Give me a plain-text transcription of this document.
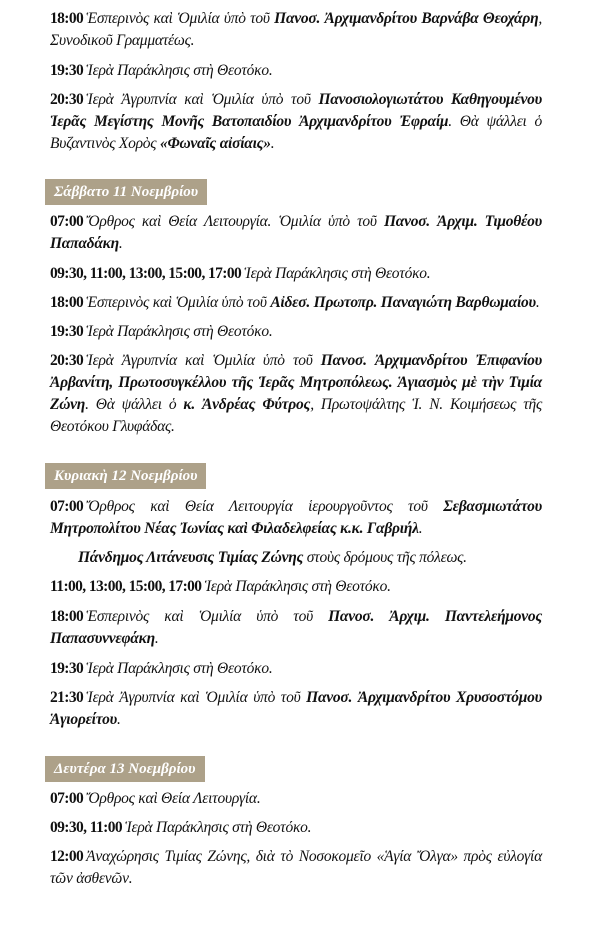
18:00 Ἑσπερινὸς καὶ Ὁμιλία ὑπὸ τοῦ Πανοσ. Ἀρχιμανδρίτου Βαρνάβα Θεοχάρη, Συνοδικοῦ Γραμματέως.
19:30 Ἱερὰ Παράκλησις στὴ Θεοτόκο.
20:30 Ἱερὰ Ἀγρυπνία καὶ Ὁμιλία ὑπὸ τοῦ Πανοσιολογιωτάτου Καθηγουμένου Ἱερᾶς Μεγίστης Μονῆς Βατοπαιδίου Ἀρχιμανδρίτου Ἐφραίμ. Θὰ ψάλλει ὁ Βυζαντινὸς Χορὸς «Φωναῖς αἰσίαις».
Σάββατο 11 Νοεμβρίου
07:00 Ὄρθρος καὶ Θεία Λειτουργία. Ὁμιλία ὑπὸ τοῦ Πανοσ. Ἀρχιμ. Τιμοθέου Παπαδάκη.
09:30, 11:00, 13:00, 15:00, 17:00 Ἱερὰ Παράκλησις στὴ Θεοτόκο.
18:00 Ἑσπερινὸς καὶ Ὁμιλία ὑπὸ τοῦ Αἰδεσ. Πρωτοπρ. Παναγιώτη Βαρθωμαίου.
19:30 Ἱερὰ Παράκλησις στὴ Θεοτόκο.
20:30 Ἱερὰ Ἀγρυπνία καὶ Ὁμιλία ὑπὸ τοῦ Πανοσ. Ἀρχιμανδρίτου Ἐπιφανίου Ἀρβανίτη, Πρωτοσυγκέλλου τῆς Ἱερᾶς Μητροπόλεως. Ἁγιασμὸς μὲ τὴν Τιμία Ζώνη. Θὰ ψάλλει ὁ κ. Ἀνδρέας Φύτρος, Πρωτοψάλτης Ἱ. Ν. Κοιμήσεως τῆς Θεοτόκου Γλυφάδας.
Κυριακὴ 12 Νοεμβρίου
07:00 Ὄρθρος καὶ Θεία Λειτουργία ἱερουργοῦντος τοῦ Σεβασμιωτάτου Μητροπολίτου Νέας Ἰωνίας καὶ Φιλαδελφείας κ.κ. Γαβριήλ.
Πάνδημος Λιτάνευσις Τιμίας Ζώνης στοὺς δρόμους τῆς πόλεως.
11:00, 13:00, 15:00, 17:00 Ἱερὰ Παράκλησις στὴ Θεοτόκο.
18:00 Ἑσπερινὸς καὶ Ὁμιλία ὑπὸ τοῦ Πανοσ. Ἀρχιμ. Παντελεήμονος Παπασυννεφάκη.
19:30 Ἱερὰ Παράκλησις στὴ Θεοτόκο.
21:30 Ἱερὰ Ἀγρυπνία καὶ Ὁμιλία ὑπὸ τοῦ Πανοσ. Ἀρχιμανδρίτου Χρυσοστόμου Ἁγιορείτου.
Δευτέρα 13 Νοεμβρίου
07:00 Ὄρθρος καὶ Θεία Λειτουργία.
09:30, 11:00 Ἱερὰ Παράκλησις στὴ Θεοτόκο.
12:00 Ἀναχώρησις Τιμίας Ζώνης, διὰ τὸ Νοσοκομεῖο «Ἁγία Ὄλγα» πρὸς εὐλογία τῶν ἀσθενῶν.
